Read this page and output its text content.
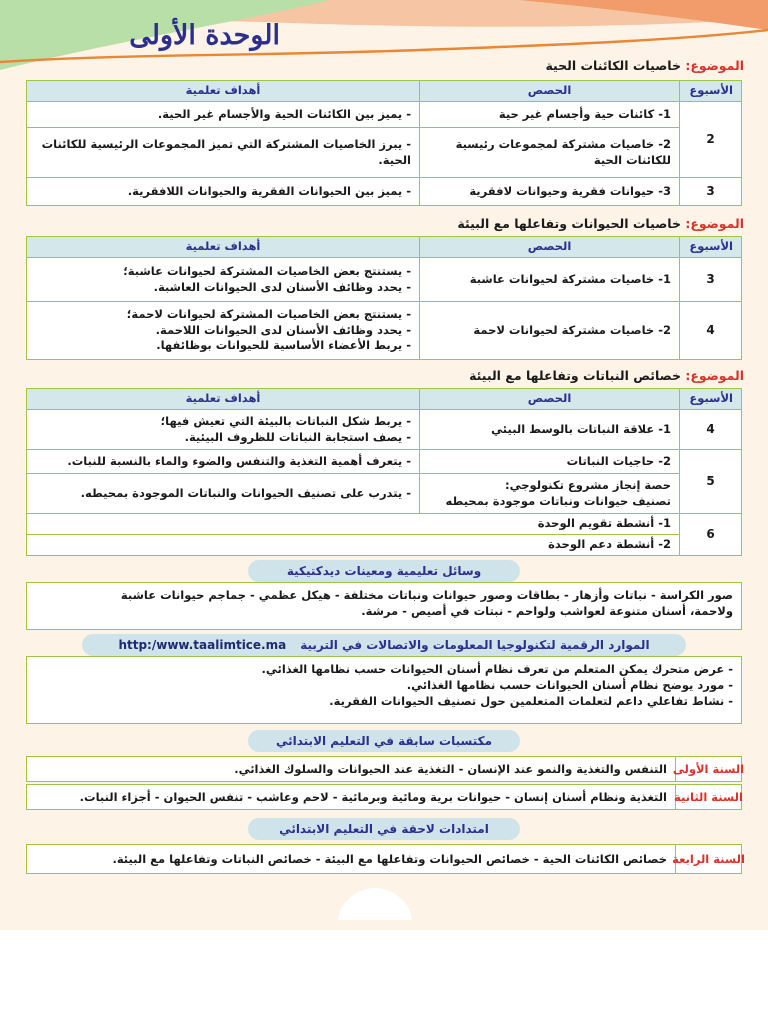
الوحدة الأولى
الموضوع: خاصيات الكائنات الحية
الأسبوع	الحصص	أهداف تعلمية
2	1- كائنات حية وأجسام غير حية	- يميز بين الكائنات الحية والأجسام غير الحية.
	2- خاصيات مشتركة لمجموعات رئيسية للكائنات الحية	- يبرز الخاصيات المشتركة التي تميز المجموعات الرئيسية للكائنات الحية.
3	3- حيوانات فقرية وحيوانات لافقرية	- يميز بين الحيوانات الفقرية والحيوانات اللافقرية.
الموضوع: خاصيات الحيوانات وتفاعلها مع البيئة
الأسبوع	الحصص	أهداف تعلمية
3	1- خاصيات مشتركة لحيوانات عاشبة	- يستنتج بعض الخاصيات المشتركة لحيوانات عاشبة؛
- يحدد وظائف الأسنان لدى الحيوانات العاشبة.
4	2- خاصيات مشتركة لحيوانات لاحمة	- يستنتج بعض الخاصيات المشتركة لحيوانات لاحمة؛
- يحدد وظائف الأسنان لدى الحيوانات اللاحمة.
- يربط الأعضاء الأساسية للحيوانات بوظائفها.
الموضوع: خصائص النباتات وتفاعلها مع البيئة
الأسبوع	الحصص	أهداف تعلمية
4	1- علاقة النباتات بالوسط البيئي	- يربط شكل النباتات بالبيئة التي تعيش فيها؛
- يصف استجابة النباتات للظروف البيئية.
5	2- حاجيات النباتات	- يتعرف أهمية التغذية والتنفس والضوء والماء بالنسبة للنبات.
	حصة إنجاز مشروع تكنولوجي:
تصنيف حيوانات ونباتات موجودة بمحيطه	- يتدرب على تصنيف الحيوانات والنباتات الموجودة بمحيطه.
6	1- أنشطة تقويم الوحدة	
	2- أنشطة دعم الوحدة	
وسائل تعليمية ومعينات ديدكتيكية
صور الكراسة - نباتات وأزهار - بطاقات وصور حيوانات ونباتات مختلفة - هيكل عظمي - جماجم حيوانات عاشبة
ولاحمة، أسنان متنوعة لعواشب ولواحم - نبتات في أصيص - مرشة.
الموارد الرقمية لتكنولوجيا المعلومات والاتصالات في التربية
http:/www.taalimtice.ma
- عرض متحرك يمكن المتعلم من تعرف نظام أسنان الحيوانات حسب نظامها الغذائي.
- مورد يوضح نظام أسنان الحيوانات حسب نظامها الغذائي.
- نشاط تفاعلي داعم لتعلمات المتعلمين حول تصنيف الحيوانات الفقرية.
مكتسبات سابقة في التعليم الابتدائي
السنة الأولى
التنفس والتغذية والنمو عند الإنسان - التغذية عند الحيوانات والسلوك الغذائي.
السنة الثانية
التغذية ونظام أسنان إنسان - حيوانات برية ومائية وبرمائية - لاحم وعاشب - تنفس الحيوان - أجزاء النبات.
امتدادات لاحقة في التعليم الابتدائي
السنة الرابعة
خصائص الكائنات الحية - خصائص الحيوانات وتفاعلها مع البيئة - خصائص النباتات وتفاعلها مع البيئة.
